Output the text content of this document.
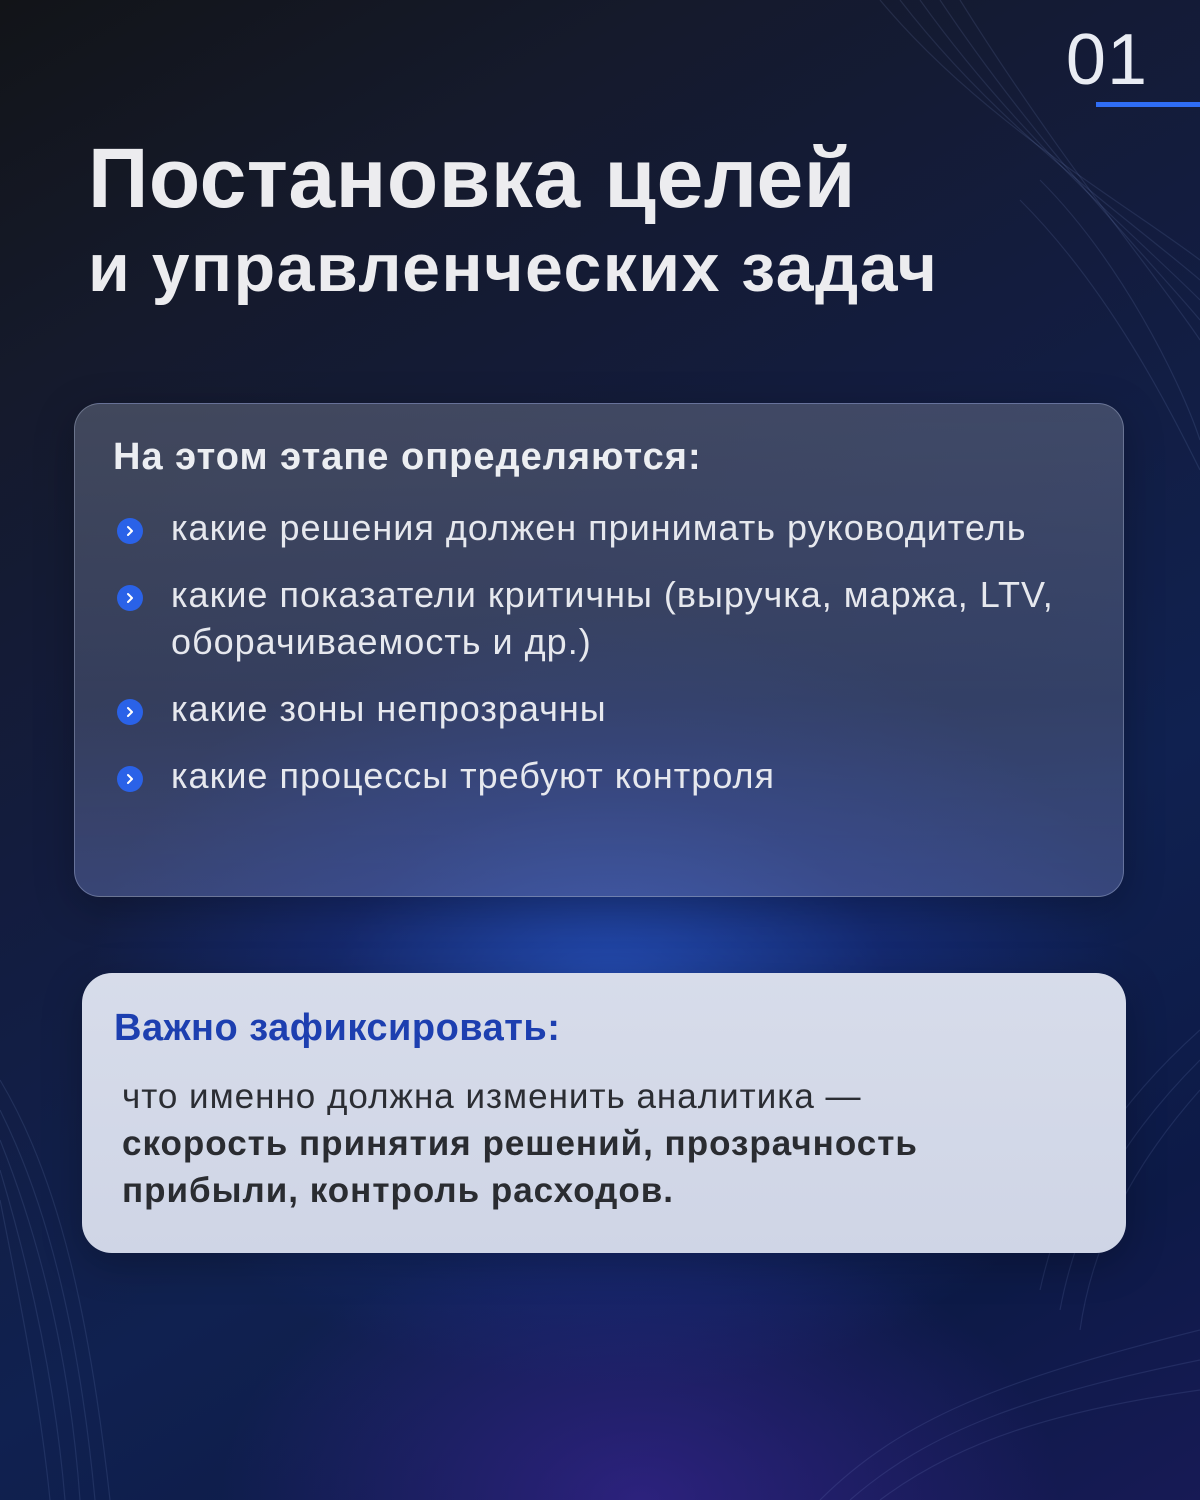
01
Постановка целей
и управленческих задач
На этом этапе определяются:
какие решения должен принимать руководитель
какие показатели критичны (выручка, маржа, LTV, оборачиваемость и др.)
какие зоны непрозрачны
какие процессы требуют контроля
Важно зафиксировать:

что именно должна изменить аналитика —
скорость принятия решений, прозрачность прибыли, контроль расходов.
